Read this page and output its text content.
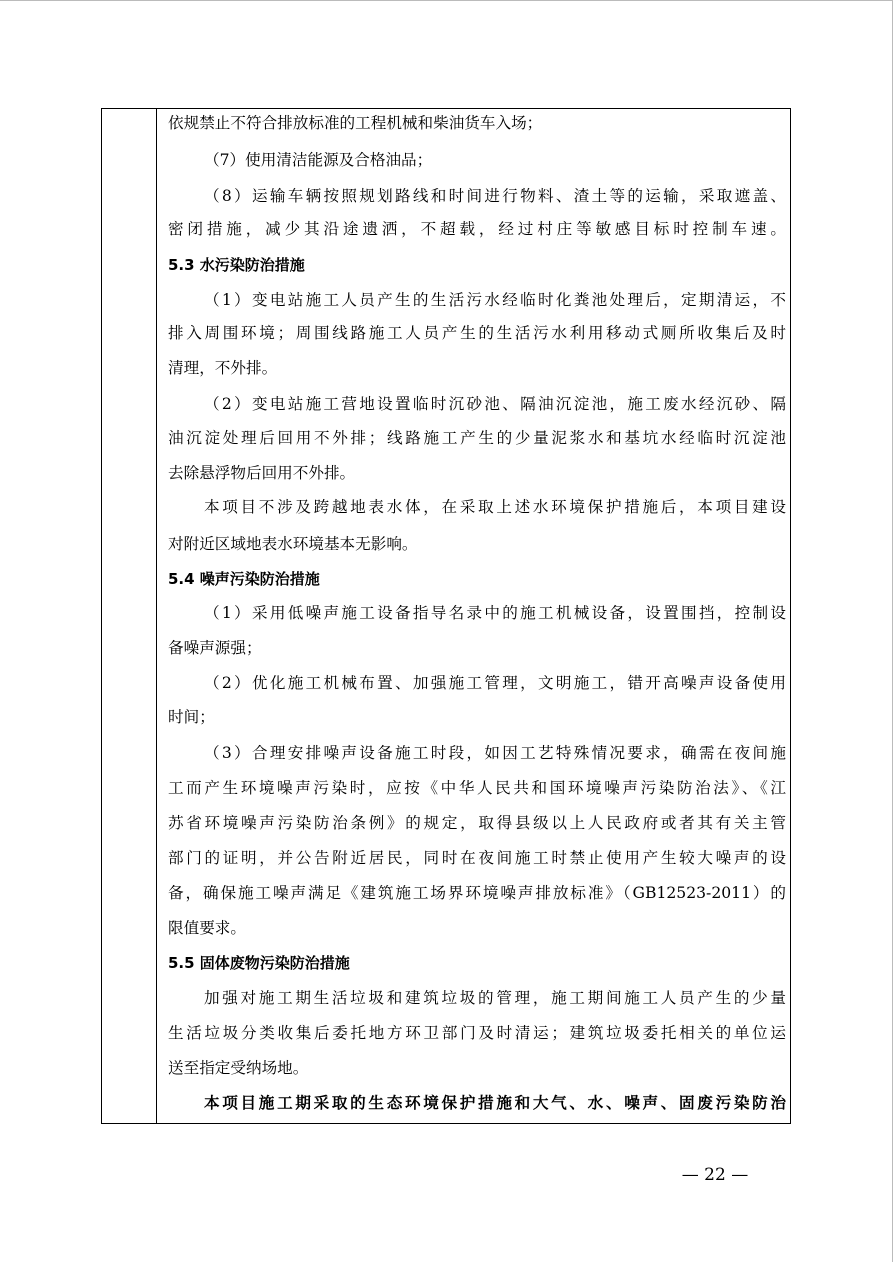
依规禁止不符合排放标准的工程机械和柴油货车入场；
（7）使用清洁能源及合格油品；
（8）运输车辆按照规划路线和时间进行物料、渣土等的运输，采取遮盖、
密闭措施，减少其沿途遗洒，不超载，经过村庄等敏感目标时控制车速。
5.3 水污染防治措施
（1）变电站施工人员产生的生活污水经临时化粪池处理后，定期清运，不
排入周围环境；周围线路施工人员产生的生活污水利用移动式厕所收集后及时
清理，不外排。
（2）变电站施工营地设置临时沉砂池、隔油沉淀池，施工废水经沉砂、隔
油沉淀处理后回用不外排；线路施工产生的少量泥浆水和基坑水经临时沉淀池
去除悬浮物后回用不外排。
本项目不涉及跨越地表水体，在采取上述水环境保护措施后，本项目建设
对附近区域地表水环境基本无影响。
5.4 噪声污染防治措施
（1）采用低噪声施工设备指导名录中的施工机械设备，设置围挡，控制设
备噪声源强；
（2）优化施工机械布置、加强施工管理，文明施工，错开高噪声设备使用
时间；
（3）合理安排噪声设备施工时段，如因工艺特殊情况要求，确需在夜间施
工而产生环境噪声污染时，应按《中华人民共和国环境噪声污染防治法》、《江
苏省环境噪声污染防治条例》的规定，取得县级以上人民政府或者其有关主管
部门的证明，并公告附近居民，同时在夜间施工时禁止使用产生较大噪声的设
备，确保施工噪声满足《建筑施工场界环境噪声排放标准》（GB12523-2011）的
限值要求。
5.5 固体废物污染防治措施
加强对施工期生活垃圾和建筑垃圾的管理，施工期间施工人员产生的少量
生活垃圾分类收集后委托地方环卫部门及时清运；建筑垃圾委托相关的单位运
送至指定受纳场地。
本项目施工期采取的生态环境保护措施和大气、水、噪声、固废污染防治
— 22 —
